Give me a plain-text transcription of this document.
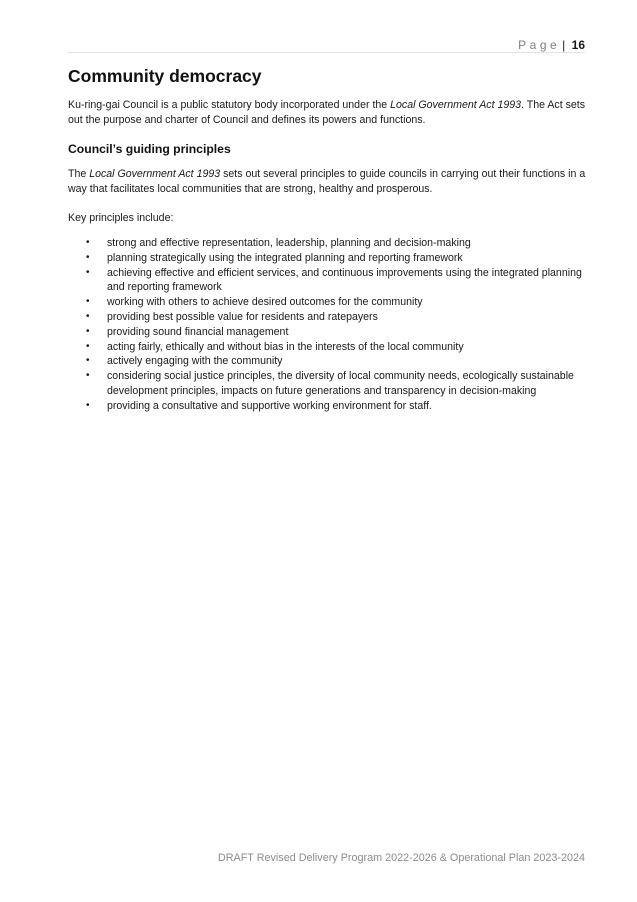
Page | 16
Community democracy

Ku-ring-gai Council is a public statutory body incorporated under the Local Government Act 1993. The Act sets out the purpose and charter of Council and defines its powers and functions.

Council’s guiding principles

The Local Government Act 1993 sets out several principles to guide councils in carrying out their functions in a way that facilitates local communities that are strong, healthy and prosperous.

Key principles include:

• strong and effective representation, leadership, planning and decision-making
• planning strategically using the integrated planning and reporting framework
• achieving effective and efficient services, and continuous improvements using the integrated planning and reporting framework
• working with others to achieve desired outcomes for the community
• providing best possible value for residents and ratepayers
• providing sound financial management
• acting fairly, ethically and without bias in the interests of the local community
• actively engaging with the community
• considering social justice principles, the diversity of local community needs, ecologically sustainable development principles, impacts on future generations and transparency in decision-making
• providing a consultative and supportive working environment for staff.
DRAFT Revised Delivery Program 2022-2026 & Operational Plan 2023-2024
